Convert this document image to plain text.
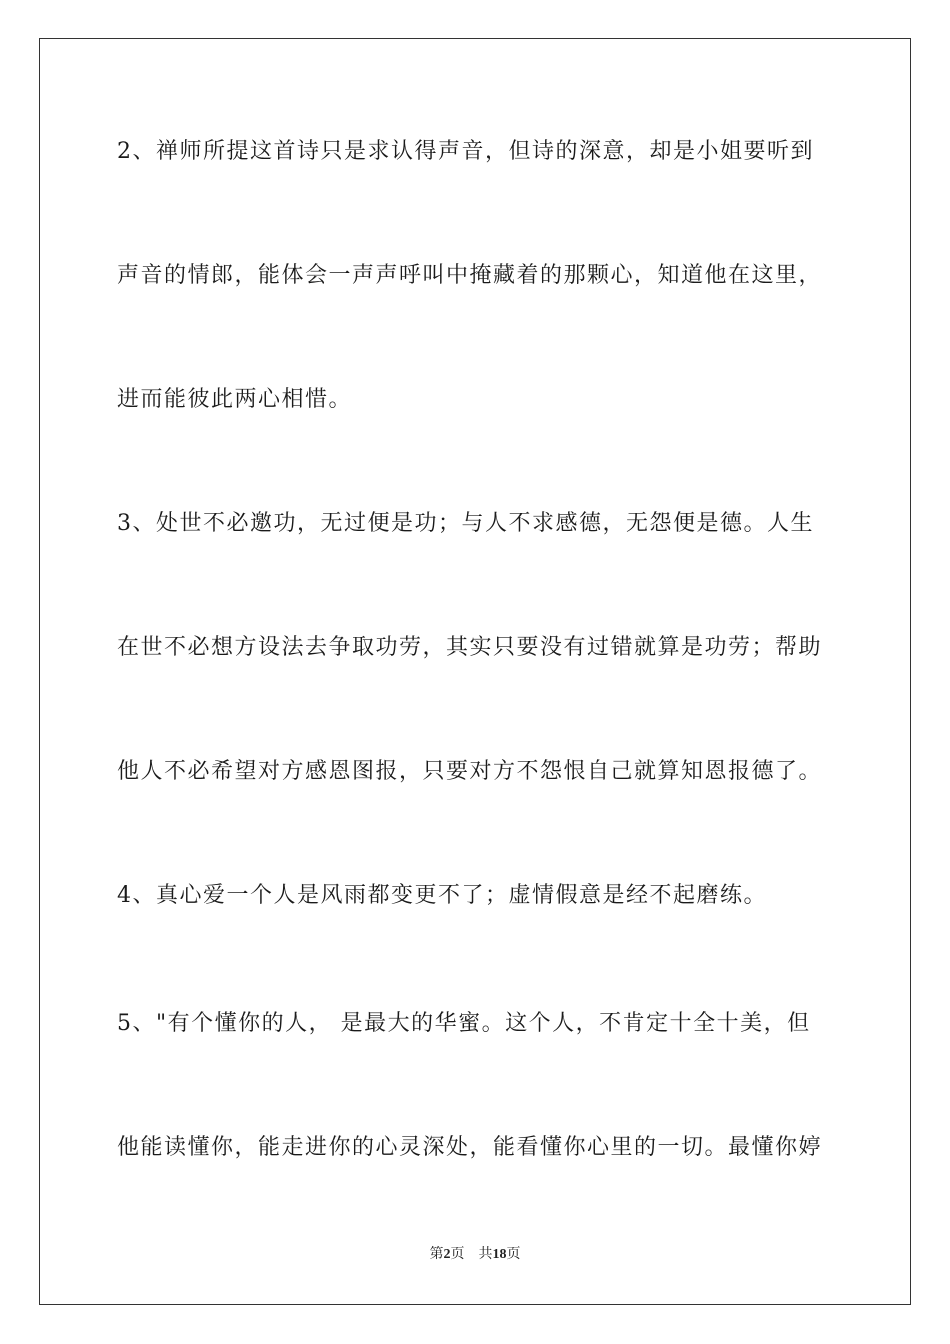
2、禅师所提这首诗只是求认得声音，但诗的深意，却是小姐要听到
声音的情郎，能体会一声声呼叫中掩藏着的那颗心，知道他在这里，
进而能彼此两心相惜。
3、处世不必邀功，无过便是功；与人不求感德，无怨便是德。人生
在世不必想方设法去争取功劳，其实只要没有过错就算是功劳；帮助
他人不必希望对方感恩图报，只要对方不怨恨自己就算知恩报德了。
4、真心爱一个人是风雨都变更不了；虚情假意是经不起磨练。
5、"有个懂你的人， 是最大的华蜜。这个人，不肯定十全十美，但
他能读懂你，能走进你的心灵深处，能看懂你心里的一切。最懂你婷
第2页 共18页
